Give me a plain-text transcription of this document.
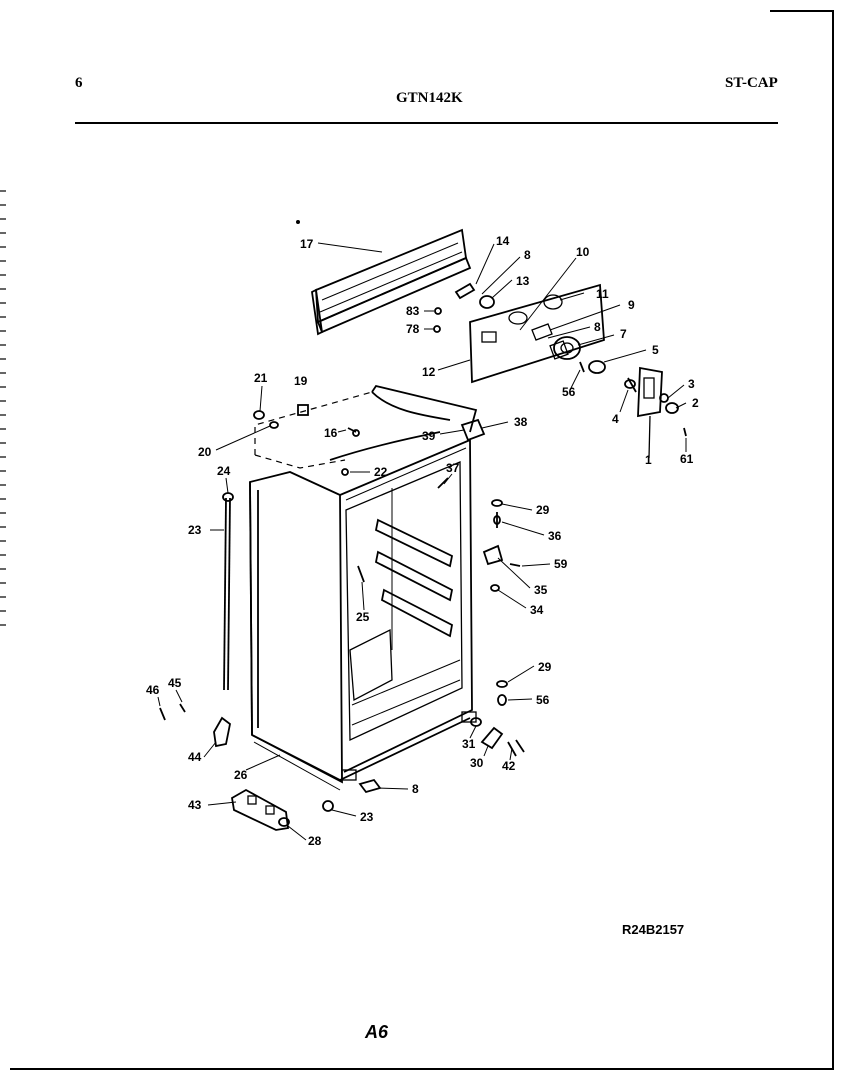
6
GTN142K
ST-CAP
17	14
8	10
13
11
83	9
78	8 7
12
5
56
3
2
4
1 61
21 19
16
38
39
20
22	37
24
29
36
23
59
35
34
25
29
56
46 45
31
30 42
44
26
8
43
23
28
R24B2157
A6
